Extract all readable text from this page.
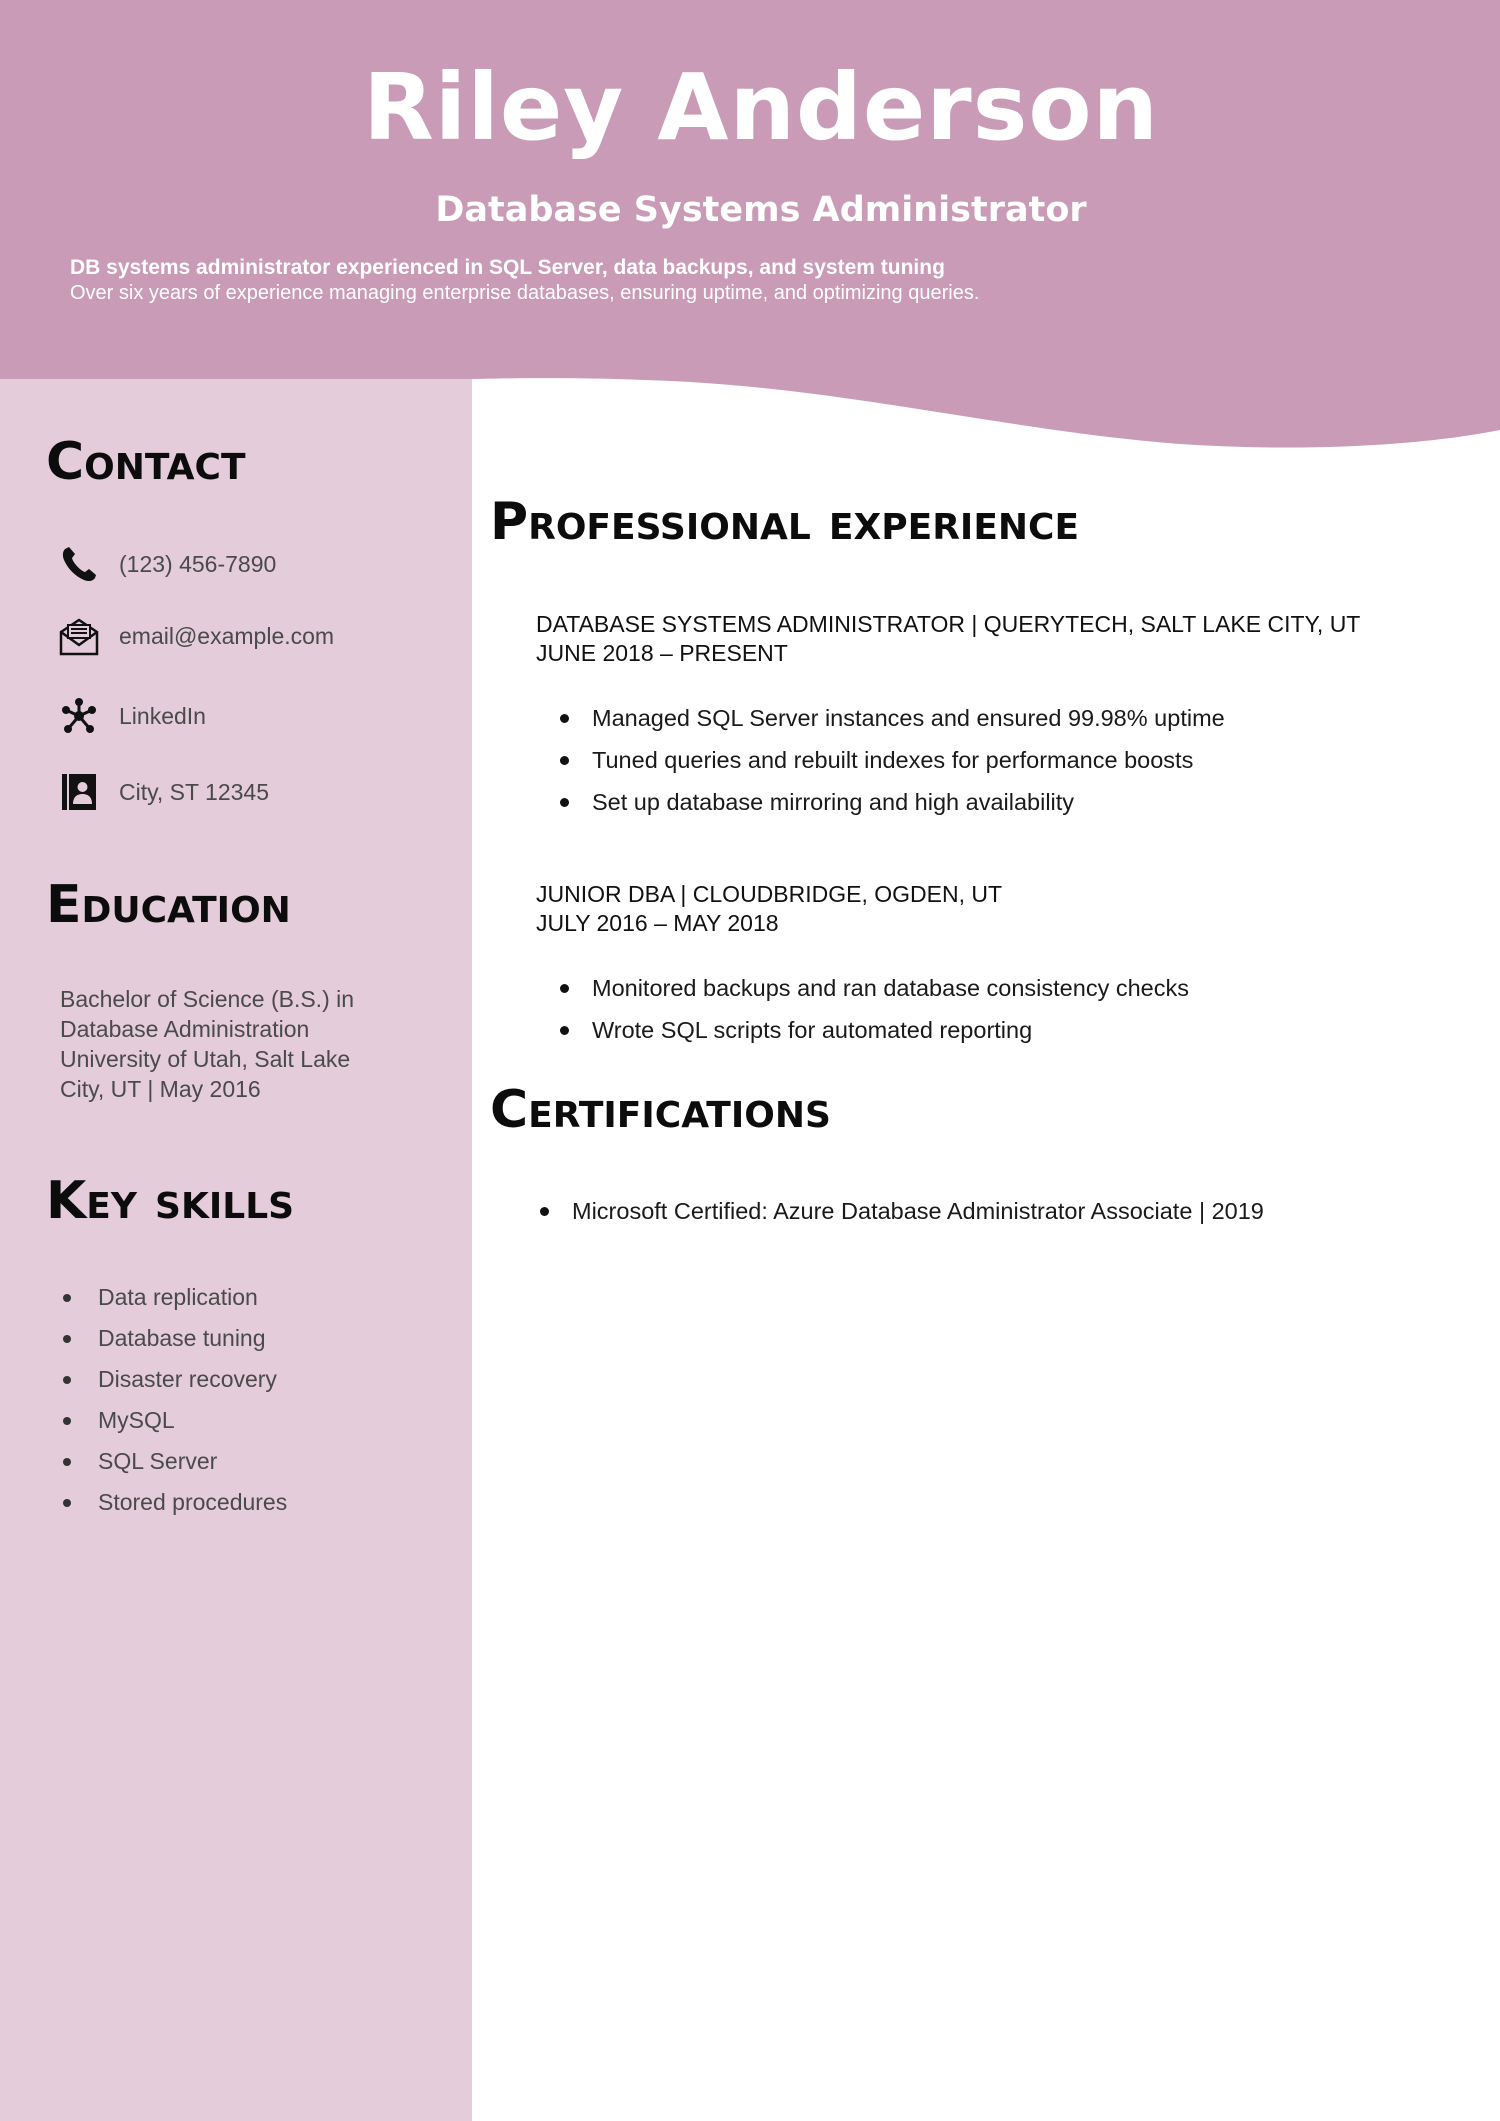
Riley Anderson
Database Systems Administrator
DB systems administrator experienced in SQL Server, data backups, and system tuning
Over six years of experience managing enterprise databases, ensuring uptime, and optimizing queries.
Contact
(123) 456-7890
email@example.com
LinkedIn
City, ST 12345
Education
Bachelor of Science (B.S.) in
Database Administration
University of Utah, Salt Lake
City, UT | May 2016
Key skills
Data replication
Database tuning
Disaster recovery
MySQL
SQL Server
Stored procedures
Professional experience
DATABASE SYSTEMS ADMINISTRATOR | QUERYTECH, SALT LAKE CITY, UT
JUNE 2018 – PRESENT
Managed SQL Server instances and ensured 99.98% uptime
Tuned queries and rebuilt indexes for performance boosts
Set up database mirroring and high availability
JUNIOR DBA | CLOUDBRIDGE, OGDEN, UT
JULY 2016 – MAY 2018
Monitored backups and ran database consistency checks
Wrote SQL scripts for automated reporting
Certifications
Microsoft Certified: Azure Database Administrator Associate | 2019
